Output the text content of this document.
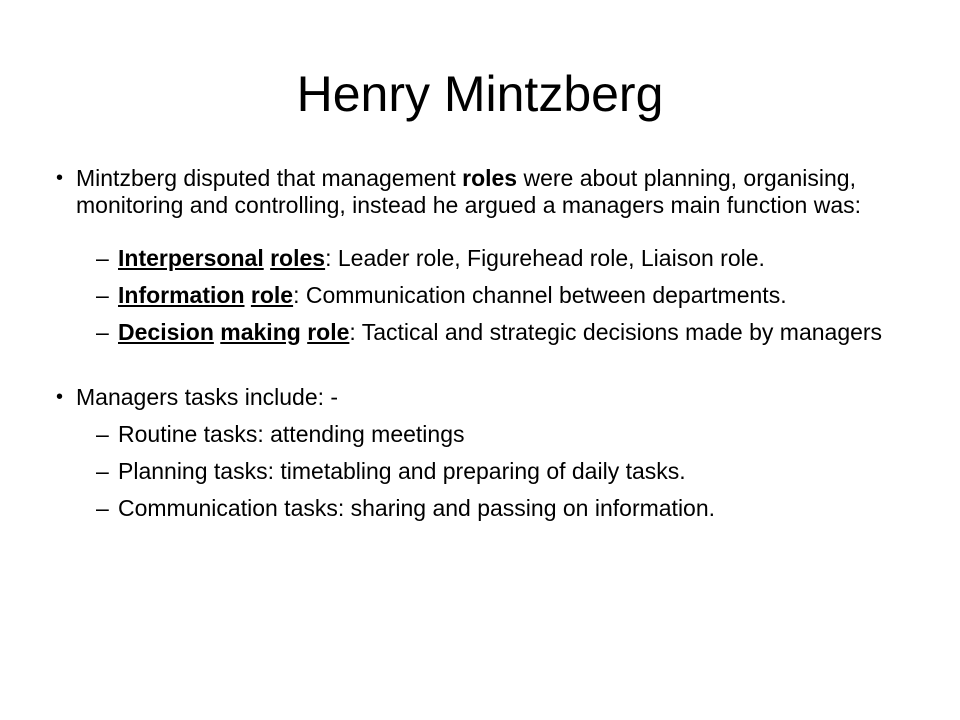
Henry Mintzberg
• Mintzberg disputed that management roles were about planning, organising, monitoring and controlling, instead he argued a managers main function was:
– Interpersonal roles: Leader role, Figurehead role, Liaison role.
– Information role: Communication channel between departments.
– Decision making role: Tactical and strategic decisions made by managers
• Managers tasks include: -
– Routine tasks: attending meetings
– Planning tasks: timetabling and preparing of daily tasks.
– Communication tasks: sharing and passing on information.
